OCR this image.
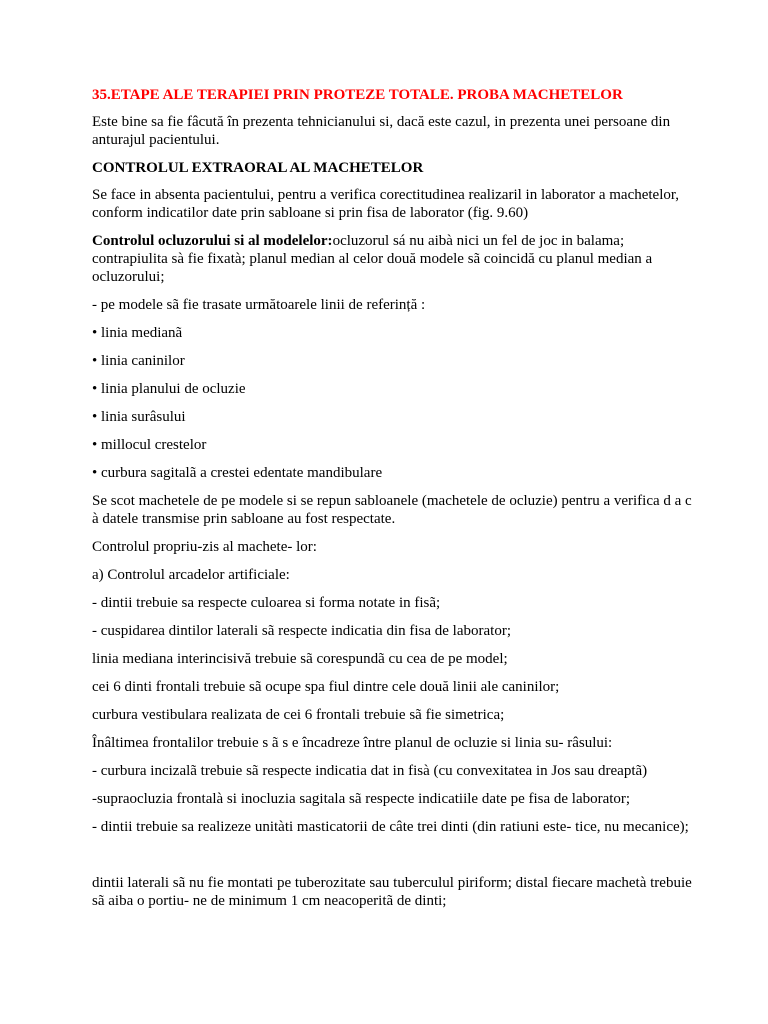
35.ETAPE ALE TERAPIEI PRIN PROTEZE TOTALE. PROBA MACHETELOR

Este bine sa fie fâcută în prezenta tehnicianului si, dacă este cazul, in prezenta unei persoane din anturajul pacientului.

CONTROLUL EXTRAORAL AL MACHETELOR

Se face in absenta pacientului, pentru a verifica corectitudinea realizaril in laborator a machetelor, conform indicatilor date prin sabloane si prin fisa de laborator (fig. 9.60)

Controlul ocluzorului si al modelelor:ocluzorul sá nu aibà nici un fel de joc in balama; contrapiulita sà fie fixatà; planul median al celor două modele sã coincidă cu planul median a ocluzorului;

- pe modele sã fie trasate următoarele linii de referință :

• linia medianã

• linia caninilor

• linia planului de ocluzie

• linia surâsului

• millocul crestelor

• curbura sagitalã a crestei edentate mandibulare

Se scot machetele de pe modele si se repun sabloanele (machetele de ocluzie) pentru a verifica d a c à datele transmise prin sabloane au fost respectate.

Controlul propriu-zis al machete- lor:

a) Controlul arcadelor artificiale:

- dintii trebuie sa respecte culoarea si forma notate in fisã;

- cuspidarea dintilor laterali sã respecte indicatia din fisa de laborator;

linia mediana interincisivă trebuie sã corespundã cu cea de pe model;

cei 6 dinti frontali trebuie sã ocupe spa fiul dintre cele două linii ale caninilor;

curbura vestibulara realizata de cei 6 frontali trebuie sã fie simetrica;

Înâltimea frontalilor trebuie s ã s e încadreze între planul de ocluzie si linia su- râsului:

- curbura incizalã trebuie sã respecte indicatia dat in fisà (cu convexitatea in Jos sau dreaptã)

-supraocluzia frontalà si inocluzia sagitala sã respecte indicatiile date pe fisa de laborator;

- dintii trebuie sa realizeze unitàti masticatorii de câte trei dinti (din ratiuni este- tice, nu mecanice);

dintii laterali sã nu fie montati pe tuberozitate sau tuberculul piriform; distal fiecare machetà trebuie sã aiba o portiu- ne de minimum 1 cm neacoperitã de dinti;
